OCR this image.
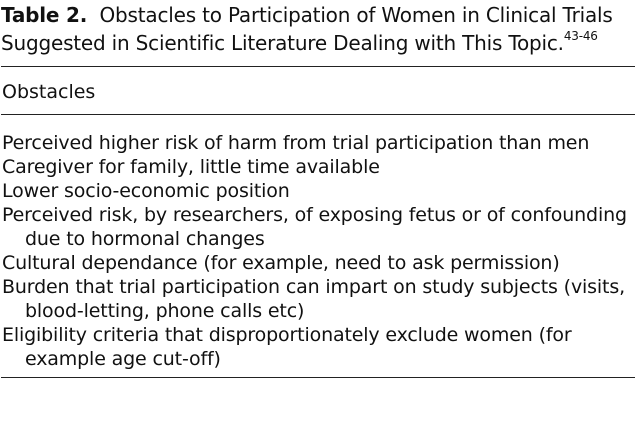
Table 2. Obstacles to Participation of Women in Clinical Trials Suggested in Scientific Literature Dealing with This Topic.$^{43-46}$

Obstacles

Perceived higher risk of harm from trial participation than men

Caregiver for family, little time available

Lower socio-economic position

Perceived risk, by researchers, of exposing fetus or of confounding due to hormonal changes

Cultural dependance (for example, need to ask permission)

Burden that trial participation can impart on study subjects (visits, blood-letting, phone calls etc)

Eligibility criteria that disproportionately exclude women (for example age cut-off)
